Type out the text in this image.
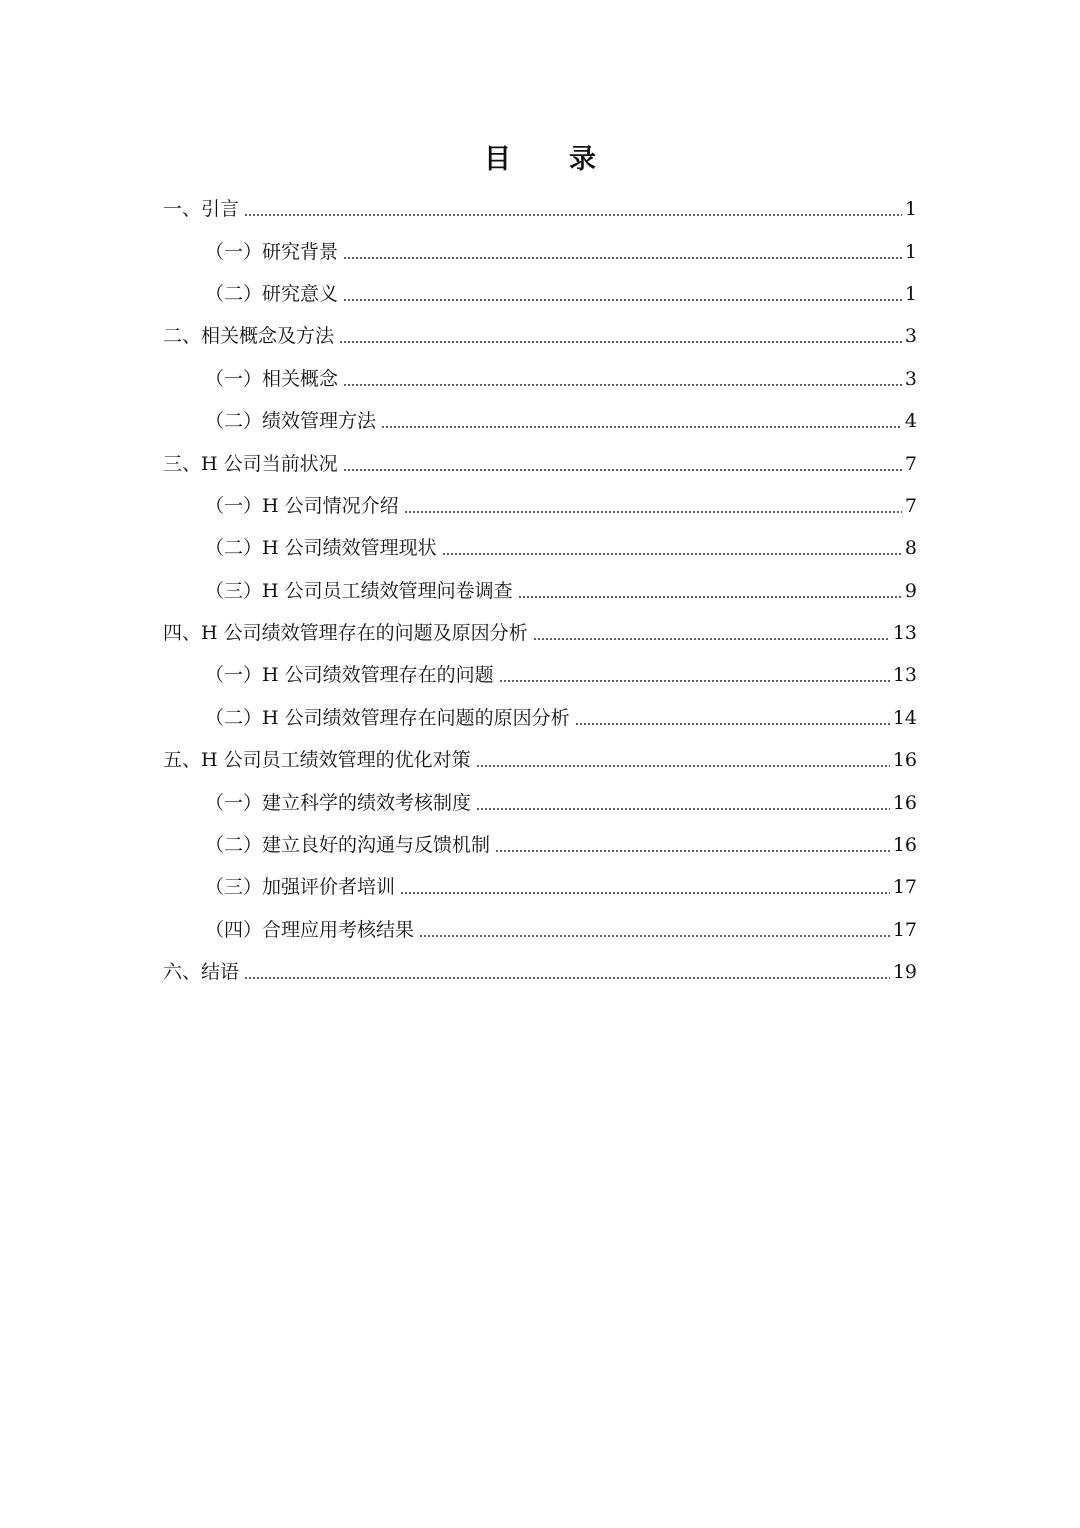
目 录
一、引言	1
（一）研究背景	1
（二）研究意义	1
二、相关概念及方法	3
（一）相关概念	3
（二）绩效管理方法	4
三、H 公司当前状况	7
（一）H 公司情况介绍	7
（二）H 公司绩效管理现状	8
（三）H 公司员工绩效管理问卷调查	9
四、H 公司绩效管理存在的问题及原因分析	13
（一）H 公司绩效管理存在的问题	13
（二）H 公司绩效管理存在问题的原因分析	14
五、H 公司员工绩效管理的优化对策	16
（一）建立科学的绩效考核制度	16
（二）建立良好的沟通与反馈机制	16
（三）加强评价者培训	17
（四）合理应用考核结果	17
六、结语	19
